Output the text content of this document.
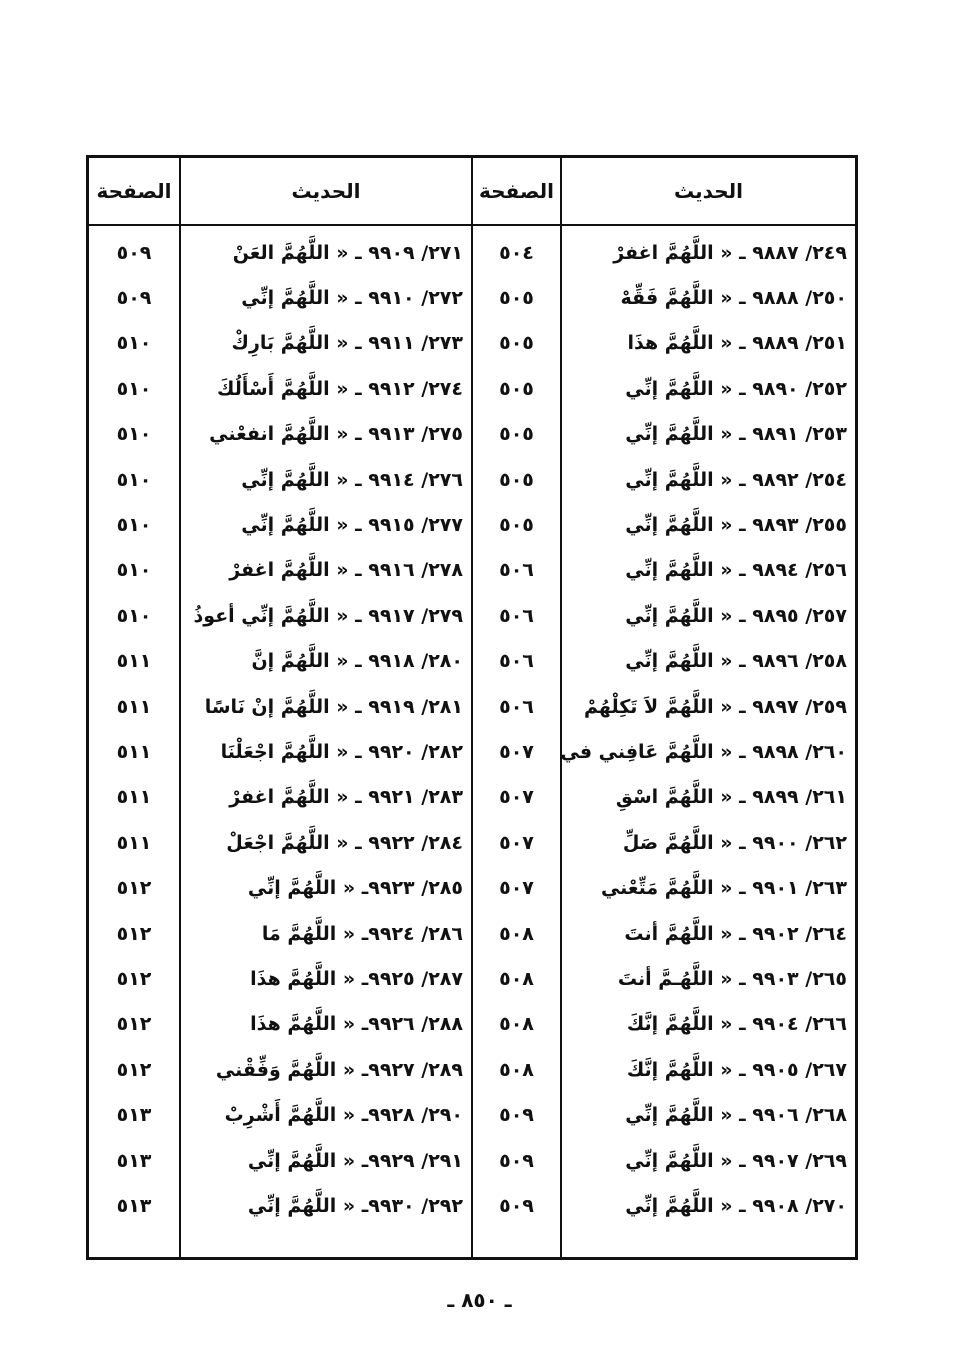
الحديث
الصفحة
الحديث
الصفحة
٢٤٩/ ٩٨٨٧ ـ « اللَّهُمَّ اغفرْ
٥٠٤
٢٧١/ ٩٩٠٩ ـ « اللَّهُمَّ العَنْ
٥٠٩
٢٥٠/ ٩٨٨٨ ـ « اللَّهُمَّ فَقِّهْ
٥٠٥
٢٧٢/ ٩٩١٠ ـ « اللَّهُمَّ إنِّي
٥٠٩
٢٥١/ ٩٨٨٩ ـ « اللَّهُمَّ هذَا
٥٠٥
٢٧٣/ ٩٩١١ ـ « اللَّهُمَّ بَارِكْ
٥١٠
٢٥٢/ ٩٨٩٠ ـ « اللَّهُمَّ إنِّي
٥٠٥
٢٧٤/ ٩٩١٢ ـ « اللَّهُمَّ أَسْأَلُكَ
٥١٠
٢٥٣/ ٩٨٩١ ـ « اللَّهُمَّ إنِّي
٥٠٥
٢٧٥/ ٩٩١٣ ـ « اللَّهُمَّ انفعْني
٥١٠
٢٥٤/ ٩٨٩٢ ـ « اللَّهُمَّ إنِّي
٥٠٥
٢٧٦/ ٩٩١٤ ـ « اللَّهُمَّ إنِّي
٥١٠
٢٥٥/ ٩٨٩٣ ـ « اللَّهُمَّ إنِّي
٥٠٥
٢٧٧/ ٩٩١٥ ـ « اللَّهُمَّ إنِّي
٥١٠
٢٥٦/ ٩٨٩٤ ـ « اللَّهُمَّ إنِّي
٥٠٦
٢٧٨/ ٩٩١٦ ـ « اللَّهُمَّ اغفرْ
٥١٠
٢٥٧/ ٩٨٩٥ ـ « اللَّهُمَّ إنِّي
٥٠٦
٢٧٩/ ٩٩١٧ ـ « اللَّهُمَّ إنِّي أعوذُ
٥١٠
٢٥٨/ ٩٨٩٦ ـ « اللَّهُمَّ إنِّي
٥٠٦
٢٨٠/ ٩٩١٨ ـ « اللَّهُمَّ إنَّ
٥١١
٢٥٩/ ٩٨٩٧ ـ « اللَّهُمَّ لاَ تَكِلْهُمْ
٥٠٦
٢٨١/ ٩٩١٩ ـ « اللَّهُمَّ إنْ نَاسًا
٥١١
٢٦٠/ ٩٨٩٨ ـ « اللَّهُمَّ عَافِني في
٥٠٧
٢٨٢/ ٩٩٢٠ ـ « اللَّهُمَّ اجْعَلْنَا
٥١١
٢٦١/ ٩٨٩٩ ـ « اللَّهُمَّ اسْقِ
٥٠٧
٢٨٣/ ٩٩٢١ ـ « اللَّهُمَّ اغفرْ
٥١١
٢٦٢/ ٩٩٠٠ ـ « اللَّهُمَّ صَلِّ
٥٠٧
٢٨٤/ ٩٩٢٢ ـ « اللَّهُمَّ اجْعَلْ
٥١١
٢٦٣/ ٩٩٠١ ـ « اللَّهُمَّ مَتِّعْني
٥٠٧
٢٨٥/ ٩٩٢٣ـ « اللَّهُمَّ إنِّي
٥١٢
٢٦٤/ ٩٩٠٢ ـ « اللَّهُمَّ أنتَ
٥٠٨
٢٨٦/ ٩٩٢٤ـ « اللَّهُمَّ مَا
٥١٢
٢٦٥/ ٩٩٠٣ ـ « اللَّهُـمَّ أنتَ
٥٠٨
٢٨٧/ ٩٩٢٥ـ « اللَّهُمَّ هذَا
٥١٢
٢٦٦/ ٩٩٠٤ ـ « اللَّهُمَّ إنَّكَ
٥٠٨
٢٨٨/ ٩٩٢٦ـ « اللَّهُمَّ هذَا
٥١٢
٢٦٧/ ٩٩٠٥ ـ « اللَّهُمَّ إنَّكَ
٥٠٨
٢٨٩/ ٩٩٢٧ـ « اللَّهُمَّ وَفِّقْني
٥١٢
٢٦٨/ ٩٩٠٦ ـ « اللَّهُمَّ إنِّي
٥٠٩
٢٩٠/ ٩٩٢٨ـ « اللَّهُمَّ أَشْرِبْ
٥١٣
٢٦٩/ ٩٩٠٧ ـ « اللَّهُمَّ إنِّي
٥٠٩
٢٩١/ ٩٩٢٩ـ « اللَّهُمَّ إنِّي
٥١٣
٢٧٠/ ٩٩٠٨ ـ « اللَّهُمَّ إنِّي
٥٠٩
٢٩٢/ ٩٩٣٠ـ « اللَّهُمَّ إنِّي
٥١٣
ـ ٨٥٠ ـ
